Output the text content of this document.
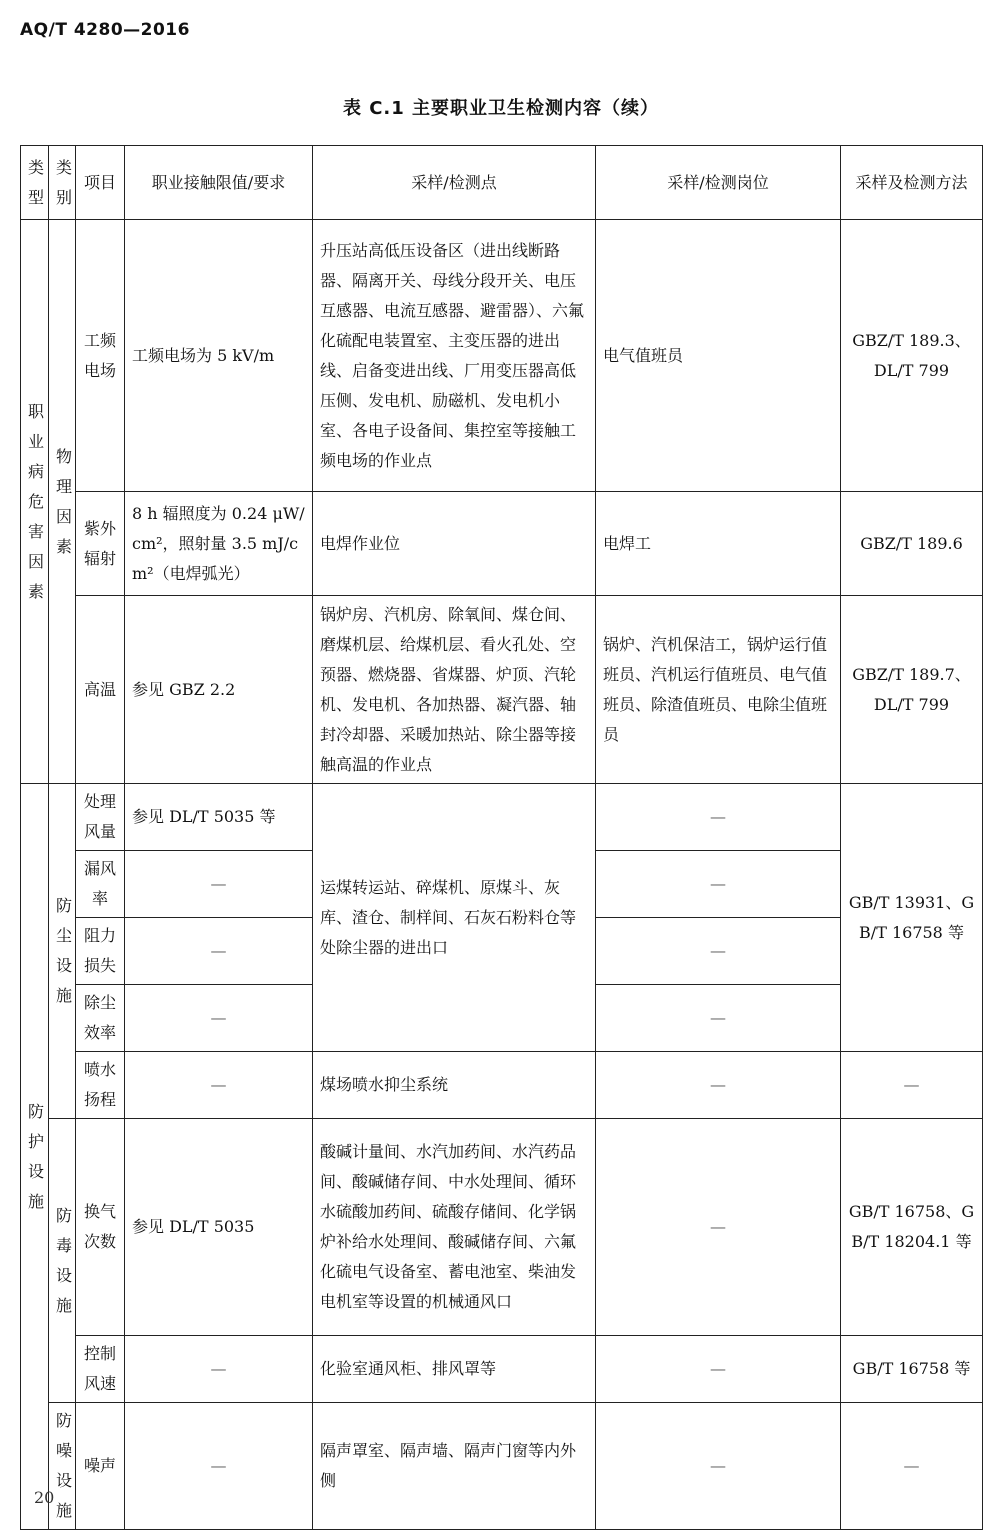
AQ/T 4280—2016
表 C.1 主要职业卫生检测内容（续）
类型	类别	项目	职业接触限值/要求	采样/检测点	采样/检测岗位	采样及检测方法
职业病危害因素	物理因素	工频电场	工频电场为 5 kV/m	升压站高低压设备区（进出线断路器、隔离开关、母线分段开关、电压互感器、电流互感器、避雷器）、六氟化硫配电装置室、主变压器的进出线、启备变进出线、厂用变压器高低压侧、发电机、励磁机、发电机小室、各电子设备间、集控室等接触工频电场的作业点	电气值班员	GBZ/T 189.3、DL/T 799
		紫外辐射	8 h 辐照度为 0.24 μW/cm²，照射量 3.5 mJ/cm²（电焊弧光）	电焊作业位	电焊工	GBZ/T 189.6
		高温	参见 GBZ 2.2	锅炉房、汽机房、除氧间、煤仓间、磨煤机层、给煤机层、看火孔处、空预器、燃烧器、省煤器、炉顶、汽轮机、发电机、各加热器、凝汽器、轴封冷却器、采暖加热站、除尘器等接触高温的作业点	锅炉、汽机保洁工，锅炉运行值班员、汽机运行值班员、电气值班员、除渣值班员、电除尘值班员	GBZ/T 189.7、DL/T 799
防护设施	防尘设施	处理风量	参见 DL/T 5035 等	运煤转运站、碎煤机、原煤斗、灰库、渣仓、制样间、石灰石粉料仓等处除尘器的进出口	—	GB/T 13931、GB/T 16758 等
		漏风率	—		—	
		阻力损失	—		—	
		除尘效率	—		—	
		喷水扬程	—	煤场喷水抑尘系统	—	—
	防毒设施	换气次数	参见 DL/T 5035	酸碱计量间、水汽加药间、水汽药品间、酸碱储存间、中水处理间、循环水硫酸加药间、硫酸存储间、化学锅炉补给水处理间、酸碱储存间、六氟化硫电气设备室、蓄电池室、柴油发电机室等设置的机械通风口	—	GB/T 16758、GB/T 18204.1 等
		控制风速	—	化验室通风柜、排风罩等	—	GB/T 16758 等
	防噪设施	噪声	—	隔声罩室、隔声墙、隔声门窗等内外侧	—	—
20
